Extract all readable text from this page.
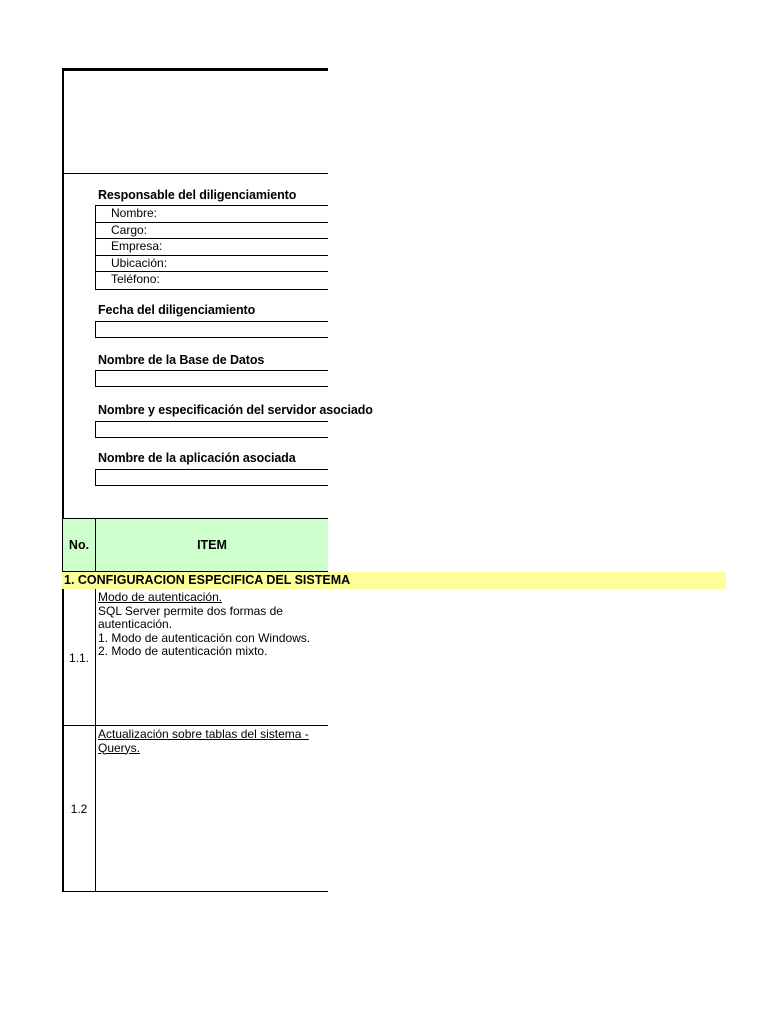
Responsable del diligenciamiento
Nombre:
Cargo:
Empresa:
Ubicación:
Teléfono:
Fecha del diligenciamiento
Nombre de la Base de Datos
Nombre y especificación del servidor asociado
Nombre de la aplicación asociada
No.	ITEM
1. CONFIGURACION ESPECIFICA DEL SISTEMA
1.1.
Modo de autenticación.
SQL Server permite dos formas de
autenticación.
1. Modo de autenticación con Windows.
2. Modo de autenticación mixto.
1.2
Actualización sobre tablas del sistema -
Querys.
